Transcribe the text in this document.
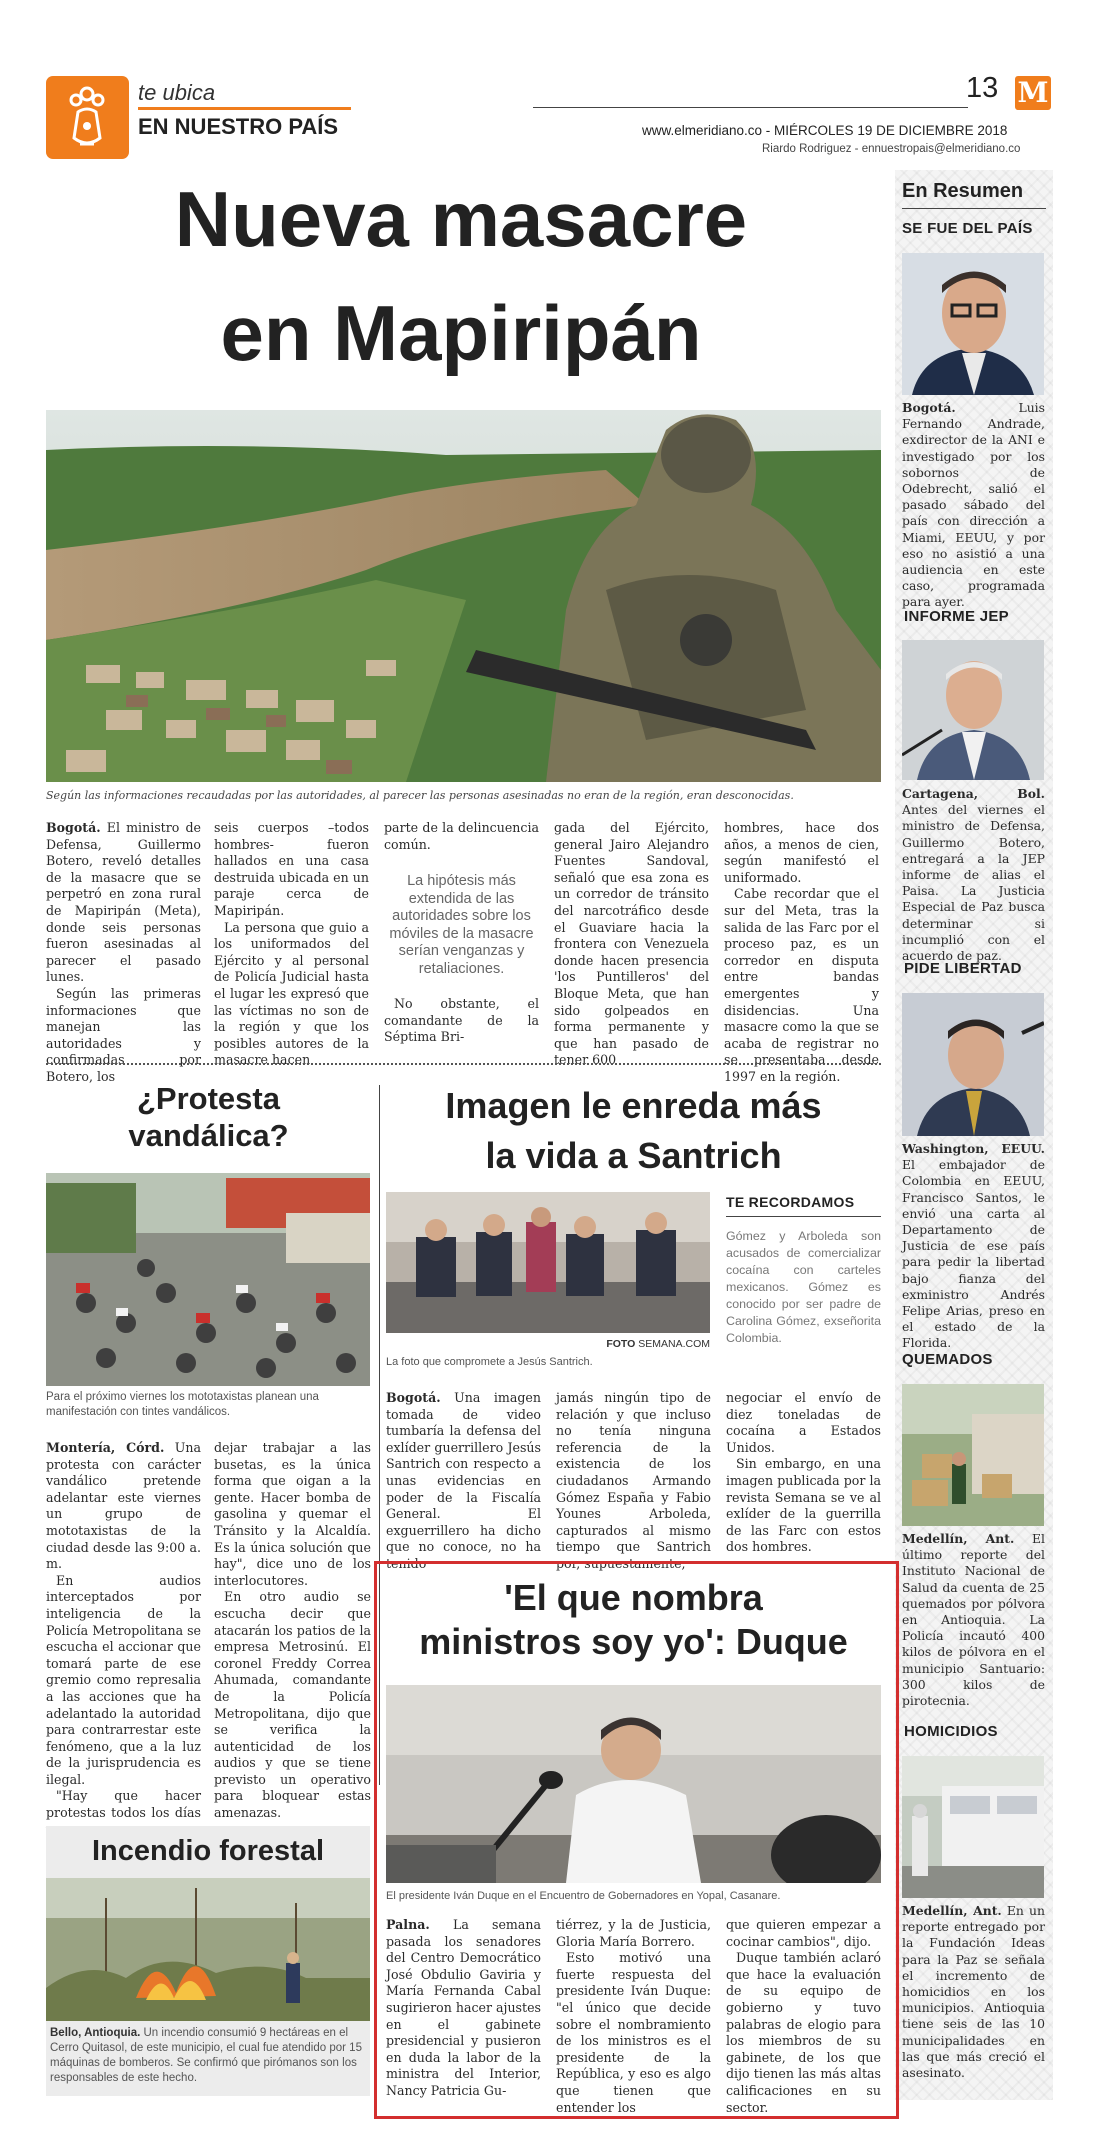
te ubica
EN NUESTRO PAÍS
13 M
www.elmeridiano.co - MIÉRCOLES 19 DE DICIEMBRE 2018
Riardo Rodriguez - ennuestropais@elmeridiano.co
Nueva masacre
en Mapiripán
Según las informaciones recaudadas por las autoridades, al parecer las personas asesinadas no eran de la región, eran desconocidas.

Bogotá. El ministro de Defensa, Guillermo Botero, reveló detalles de la masacre que se perpetró en zona rural de Mapiripán (Meta), donde seis personas fueron asesinadas al parecer el pasado lunes.

Según las primeras informaciones que manejan las autoridades y confirmadas por Botero, los

seis cuerpos –todos hombres- fueron hallados en una casa destruida ubicada en un paraje cerca de Mapiripán.

La persona que guio a los uniformados del Ejército y al personal de Policía Judicial hasta el lugar les expresó que las víctimas no son de la región y que los posibles autores de la masacre hacen

parte de la delincuencia común.

La hipótesis más extendida de las autoridades sobre los móviles de la masacre serían venganzas y retaliaciones.

No obstante, el comandante de la Séptima Bri-

gada del Ejército, general Jairo Alejandro Fuentes Sandoval, señaló que esa zona es un corredor de tránsito del narcotráfico desde el Guaviare hacia la frontera con Venezuela donde hacen presencia 'los Puntilleros' del Bloque Meta, que han sido golpeados en forma permanente y que han pasado de tener 600

hombres, hace dos años, a menos de cien, según manifestó el uniformado.

Cabe recordar que el sur del Meta, tras la salida de las Farc por el proceso paz, es un corredor en disputa entre bandas emergentes y disidencias. Una masacre como la que se acaba de registrar no se presentaba desde 1997 en la región.

¿Protesta vandálica?
Para el próximo viernes los mototaxistas planean una manifestación con tintes vandálicos.

Montería, Córd. Una protesta con carácter vandálico pretende adelantar este viernes un grupo de mototaxistas de la ciudad desde las 9:00 a. m.

En audios interceptados por inteligencia de la Policía Metropolitana se escucha el accionar que tomará parte de ese gremio como represalia a las acciones que ha adelantado la autoridad para contrarrestar este fenómeno, que a la luz de la jurisprudencia es ilegal.

"Hay que hacer protestas todos los días

dejar trabajar a las busetas, es la única forma que oigan a la gente. Hacer bomba de gasolina y quemar el Tránsito y la Alcaldía. Es la única solución que hay", dice uno de los interlocutores.

En otro audio se escucha decir que atacarán los patios de la empresa Metrosinú. El coronel Freddy Correa Ahumada, comandante de la Policía Metropolitana, dijo que se verifica la autenticidad de los audios y que se tiene previsto un operativo para bloquear estas amenazas.

Incendio forestal
Bello, Antioquia. Un incendio consumió 9 hectáreas en el Cerro Quitasol, de este municipio, el cual fue atendido por 15 máquinas de bomberos. Se confirmó que pirómanos son los responsables de este hecho.
Imagen le enreda más
la vida a Santrich
FOTO SEMANA.COM
La foto que compromete a Jesús Santrich.
TE RECORDAMOS
Gómez y Arboleda son acusados de comercializar cocaína con carteles mexicanos. Gómez es conocido por ser padre de Carolina Gómez, exseñorita Colombia.

Bogotá. Una imagen tomada de video tumbaría la defensa del exlíder guerrillero Jesús Santrich con respecto a unas evidencias en poder de la Fiscalía General. El exguerrillero ha dicho que no conoce, no ha tenido

jamás ningún tipo de relación y que incluso no tenía ninguna referencia de la existencia de los ciudadanos Armando Gómez España y Fabio Younes Arboleda, capturados al mismo tiempo que Santrich por, supuestamente,

negociar el envío de diez toneladas de cocaína a Estados Unidos.

Sin embargo, en una imagen publicada por la revista Semana se ve al exlíder de la guerrilla de las Farc con estos dos hombres.

'El que nombra
ministros soy yo': Duque
El presidente Iván Duque en el Encuentro de Gobernadores en Yopal, Casanare.

Palna. La semana pasada los senadores del Centro Democrático José Obdulio Gaviria y María Fernanda Cabal sugirieron hacer ajustes en el gabinete presidencial y pusieron en duda la labor de la ministra del Interior, Nancy Patricia Gu-

tiérrez, y la de Justicia, Gloria María Borrero.

Esto motivó una fuerte respuesta del presidente Iván Duque: "el único que decide sobre el nombramiento de los ministros es el presidente de la República, y eso es algo que tienen que entender los

que quieren empezar a cocinar cambios", dijo.

Duque también aclaró que hace la evaluación de su equipo de gobierno y tuvo palabras de elogio para los miembros de su gabinete, de los que dijo tienen las más altas calificaciones en su sector.

En Resumen
SE FUE DEL PAÍS
Bogotá. Luis Fernando Andrade, exdirector de la ANI e investigado por los sobornos de Odebrecht, salió el pasado sábado del país con dirección a Miami, EEUU, y por eso no asistió a una audiencia en este caso, programada para ayer.
INFORME JEP
Cartagena, Bol. Antes del viernes el ministro de Defensa, Guillermo Botero, entregará a la JEP informe de alias el Paisa. La Justicia Especial de Paz busca determinar si incumplió con el acuerdo de paz.
PIDE LIBERTAD
Washington, EEUU. El embajador de Colombia en EEUU, Francisco Santos, le envió una carta al Departamento de Justicia de ese país para pedir la libertad bajo fianza del exministro Andrés Felipe Arias, preso en el estado de la Florida.
QUEMADOS
Medellín, Ant. El último reporte del Instituto Nacional de Salud da cuenta de 25 quemados por pólvora en Antioquia. La Policía incautó 400 kilos de pólvora en el municipio Santuario: 300 kilos de pirotecnia.
HOMICIDIOS
Medellín, Ant. En un reporte entregado por la Fundación Ideas para la Paz se señala el incremento de homicidios en los municipios. Antioquia tiene seis de las 10 municipalidades en las que más creció el asesinato.
